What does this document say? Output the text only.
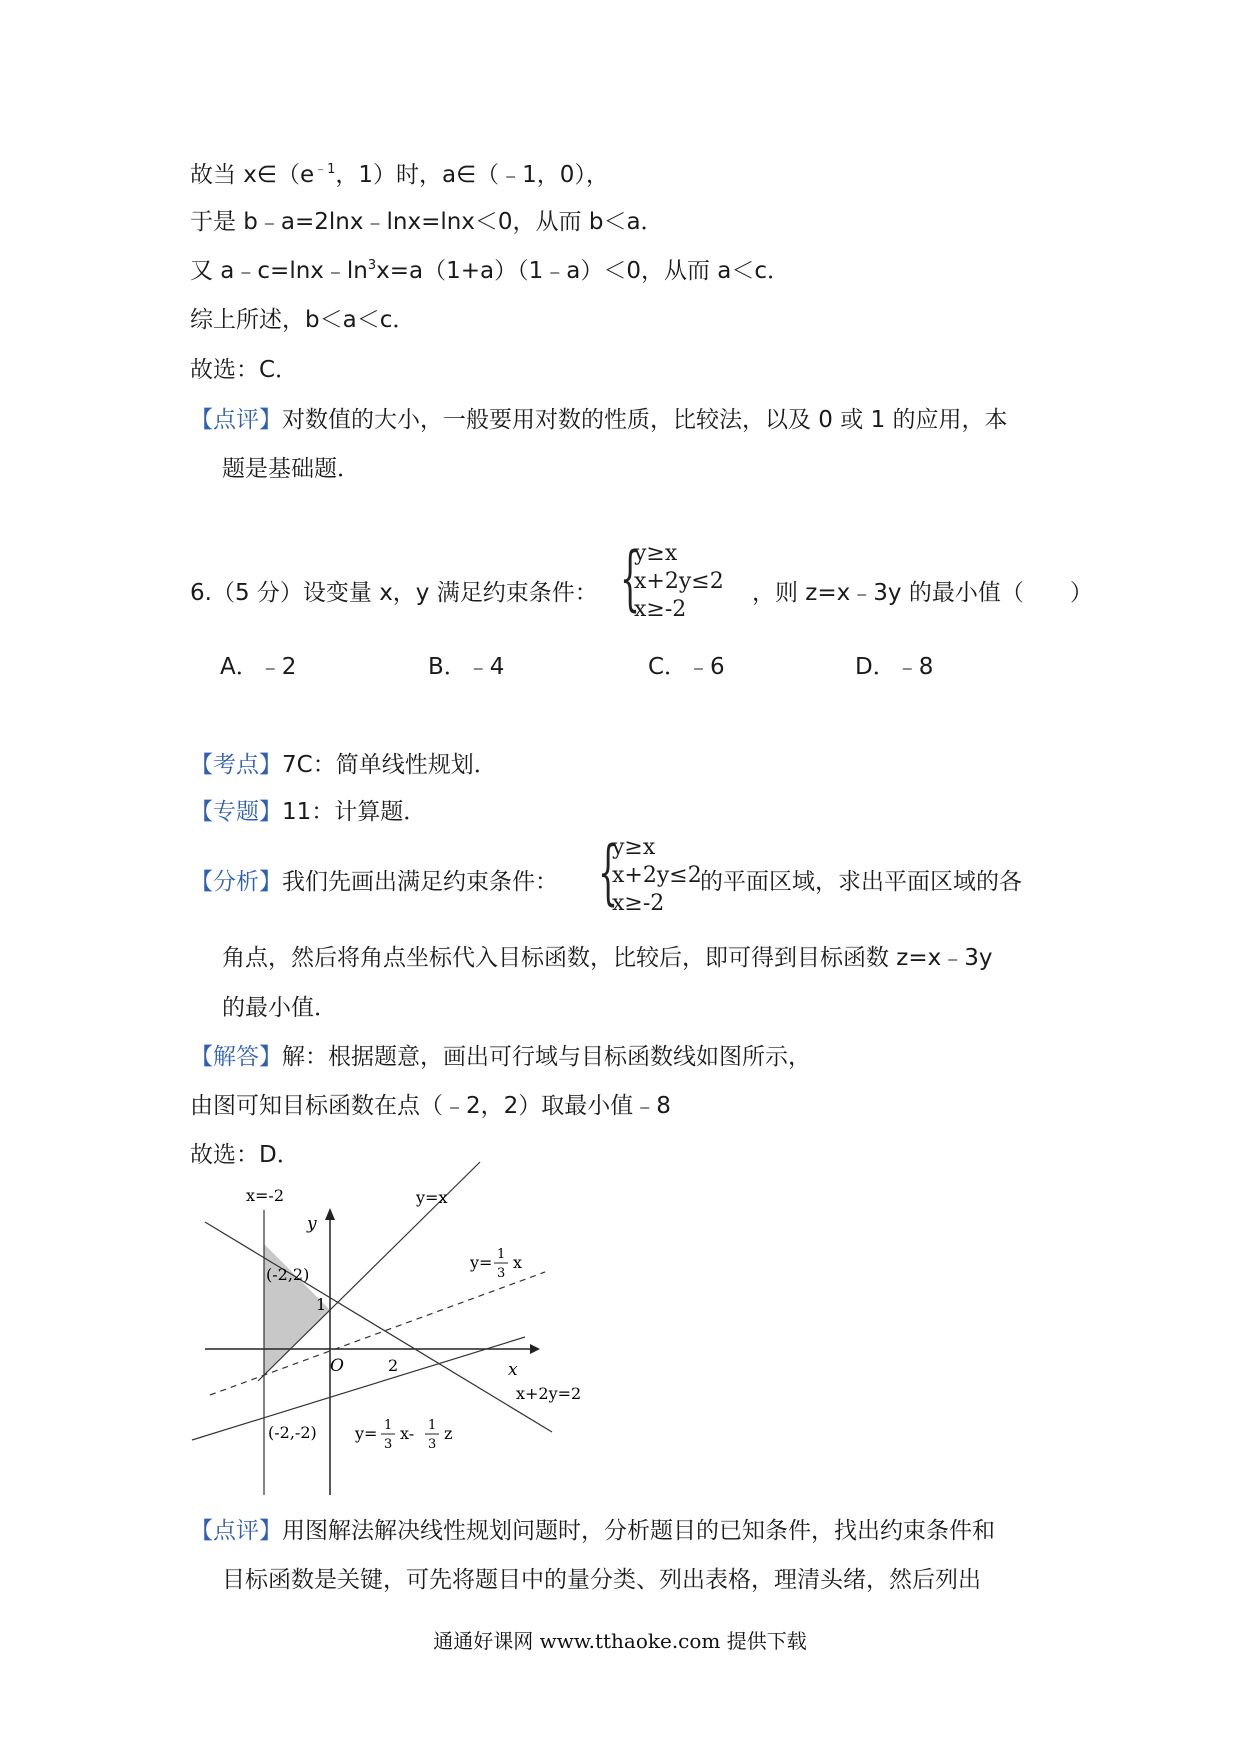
故当 $x\in(e^{﹣1}$，1）时，a∈（﹣1，0），
于是 b﹣a=2lnx﹣lnx=lnx＜0，从而 b＜a．
又 $a﹣c=\ln x﹣\ln^3x=a(1+a)(1﹣a)<0$，从而 a＜c．
综上所述，b＜a＜c．
故选：C．
【点评】对数值的大小，一般要用对数的性质，比较法，以及 0 或 1 的应用，本
题是基础题．
6.（5 分）设变量 x，y 满足约束条件： {
y≥x
x+2y≤2
x≥-2
，则 z=x﹣3y 的最小值（　　）
A．﹣2	B．﹣4	C．﹣6	D．﹣8
【考点】7C：简单线性规划．
【专题】11：计算题．
【分析】我们先画出满足约束条件： {
y≥x
x+2y≤2
x≥-2
的平面区域，求出平面区域的各
角点，然后将角点坐标代入目标函数，比较后，即可得到目标函数 z=x﹣3y
的最小值．
【解答】解：根据题意，画出可行域与目标函数线如图所示，
由图可知目标函数在点（﹣2，2）取最小值﹣8
故选：D．
x=-2	y=x
y
x
O
1
2
(-2,2)
(-2,-2)
y= 1
3
x
x+2y=2
y= 1
3
x- 1
3
z
【点评】用图解法解决线性规划问题时，分析题目的已知条件，找出约束条件和
目标函数是关键，可先将题目中的量分类、列出表格，理清头绪，然后列出
通通好课网 www.tthaoke.com 提供下载
